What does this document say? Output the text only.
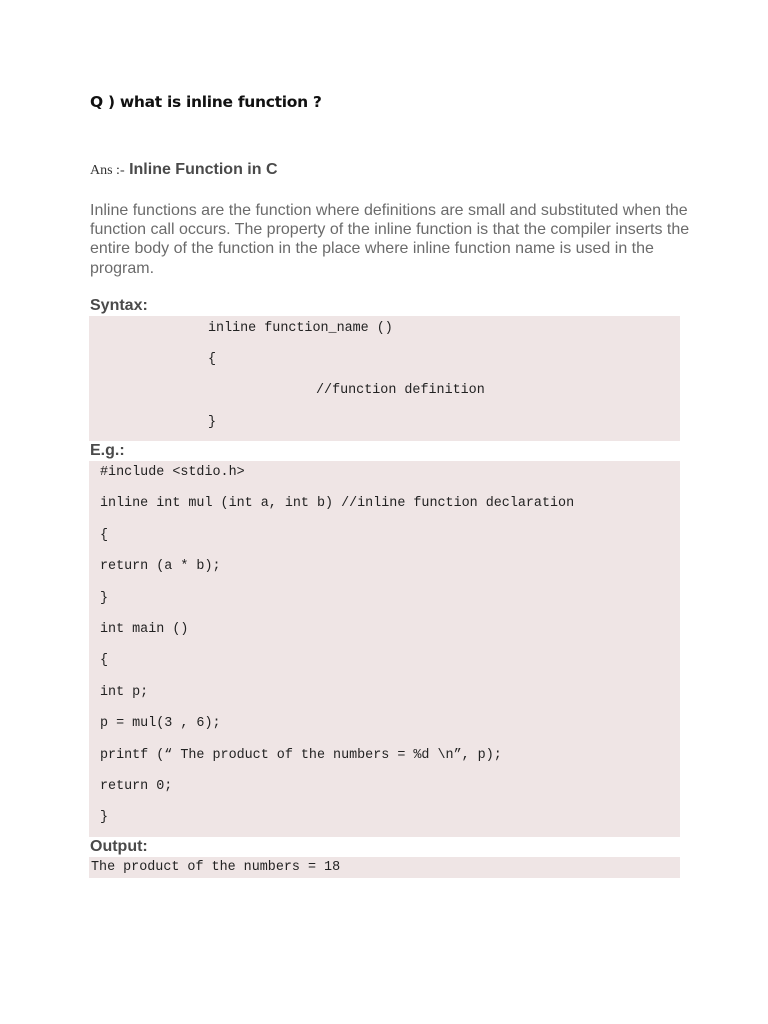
Q ) what is inline function ?
Ans :- Inline Function in C

Inline functions are the function where definitions are small and substituted when the function call occurs. The property of the inline function is that the compiler inserts the entire body of the function in the place where inline function name is used in the program.

Syntax:
inline function_name ()
{
//function definition
}
E.g.:
#include <stdio.h>
inline int mul (int a, int b) //inline function declaration
{
return (a * b);
}
int main ()
{
int p;
p = mul(3 , 6);
printf (“ The product of the numbers = %d \n”, p);
return 0;
}
Output:
The product of the numbers = 18
